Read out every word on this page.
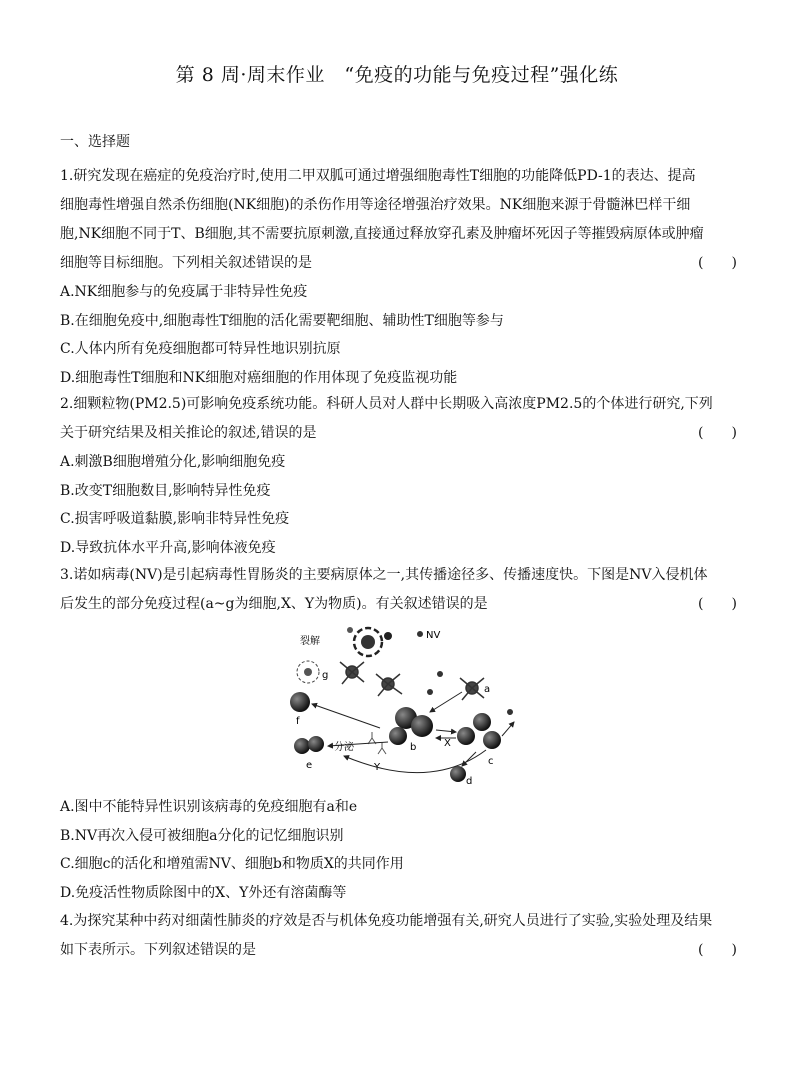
第 8 周·周末作业　“免疫的功能与免疫过程”强化练
一、选择题
1.研究发现在癌症的免疫治疗时,使用二甲双胍可通过增强细胞毒性T细胞的功能降低PD-1的表达、提高
细胞毒性增强自然杀伤细胞(NK细胞)的杀伤作用等途径增强治疗效果。NK细胞来源于骨髓淋巴样干细
胞,NK细胞不同于T、B细胞,其不需要抗原刺激,直接通过释放穿孔素及肿瘤坏死因子等摧毁病原体或肿瘤
细胞等目标细胞。下列相关叙述错误的是	(　　)
A.NK细胞参与的免疫属于非特异性免疫
B.在细胞免疫中,细胞毒性T细胞的活化需要靶细胞、辅助性T细胞等参与
C.人体内所有免疫细胞都可特异性地识别抗原
D.细胞毒性T细胞和NK细胞对癌细胞的作用体现了免疫监视功能
2.细颗粒物(PM2.5)可影响免疫系统功能。科研人员对人群中长期吸入高浓度PM2.5的个体进行研究,下列
关于研究结果及相关推论的叙述,错误的是	(　　)
A.刺激B细胞增殖分化,影响细胞免疫
B.改变T细胞数目,影响特异性免疫
C.损害呼吸道黏膜,影响非特异性免疫
D.导致抗体水平升高,影响体液免疫
3.诺如病毒(NV)是引起病毒性胃肠炎的主要病原体之一,其传播途径多、传播速度快。下图是NV入侵机体
后发生的部分免疫过程(a~g为细胞,X、Y为物质)。有关叙述错误的是	(　　)
裂解
NV
g
a
f
b
c
d
e
分泌
Y
X
A.图中不能特异性识别该病毒的免疫细胞有a和e
B.NV再次入侵可被细胞a分化的记忆细胞识别
C.细胞c的活化和增殖需NV、细胞b和物质X的共同作用
D.免疫活性物质除图中的X、Y外还有溶菌酶等
4.为探究某种中药对细菌性肺炎的疗效是否与机体免疫功能增强有关,研究人员进行了实验,实验处理及结果
如下表所示。下列叙述错误的是	(　　)
